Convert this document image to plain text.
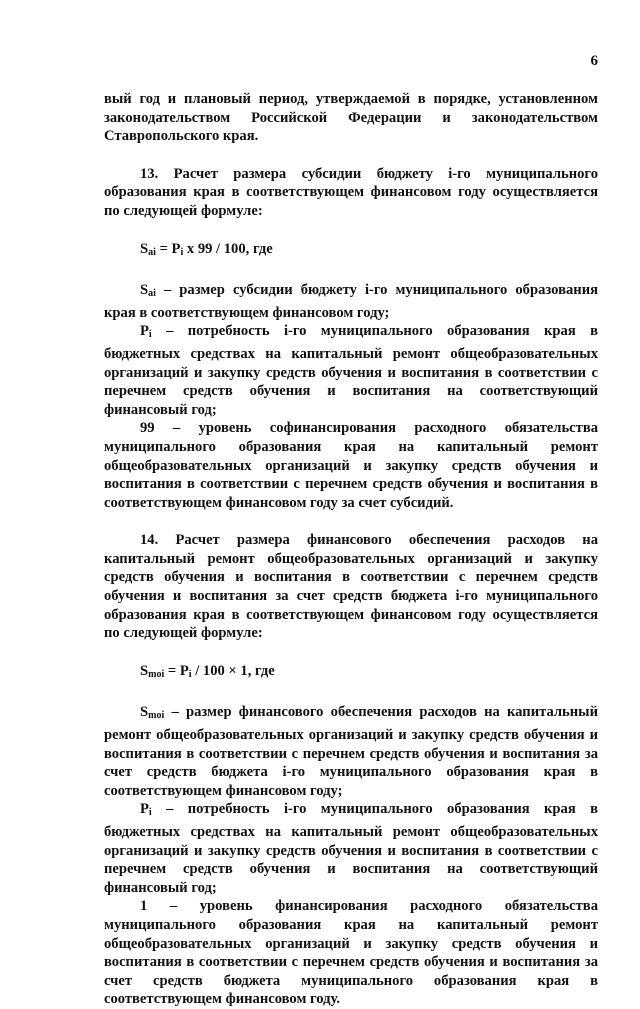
6

вый год и плановый период, утверждаемой в порядке, установленном законодательством Российской Федерации и законодательством Ставропольского края.

13. Расчет размера субсидии бюджету i-го муниципального образования края в соответствующем финансовом году осуществляется по следующей формуле:

$S_{ai} = P_i$ x 99 / 100, где

$S_{ai}$ – размер субсидии бюджету i-го муниципального образования края в соответствующем финансовом году;

$P_i$ – потребность i-го муниципального образования края в бюджетных средствах на капитальный ремонт общеобразовательных организаций и закупку средств обучения и воспитания в соответствии с перечнем средств обучения и воспитания на соответствующий финансовый год;

99 – уровень софинансирования расходного обязательства муниципального образования края на капитальный ремонт общеобразовательных организаций и закупку средств обучения и воспитания в соответствии с перечнем средств обучения и воспитания в соответствующем финансовом году за счет субсидий.

14. Расчет размера финансового обеспечения расходов на капитальный ремонт общеобразовательных организаций и закупку средств обучения и воспитания в соответствии с перечнем средств обучения и воспитания за счет средств бюджета i-го муниципального образования края в соответствующем финансовом году осуществляется по следующей формуле:

$S_{moi} = P_i / 100 \times 1$, где

$S_{moi}$ – размер финансового обеспечения расходов на капитальный ремонт общеобразовательных организаций и закупку средств обучения и воспитания в соответствии с перечнем средств обучения и воспитания за счет средств бюджета i-го муниципального образования края в соответствующем финансовом году;

$P_i$ – потребность i-го муниципального образования края в бюджетных средствах на капитальный ремонт общеобразовательных организаций и закупку средств обучения и воспитания в соответствии с перечнем средств обучения и воспитания на соответствующий финансовый год;

1 – уровень финансирования расходного обязательства муниципального образования края на капитальный ремонт общеобразовательных организаций и закупку средств обучения и воспитания в соответствии с перечнем средств обучения и воспитания за счет средств бюджета муниципального образования края в соответствующем финансовом году.
